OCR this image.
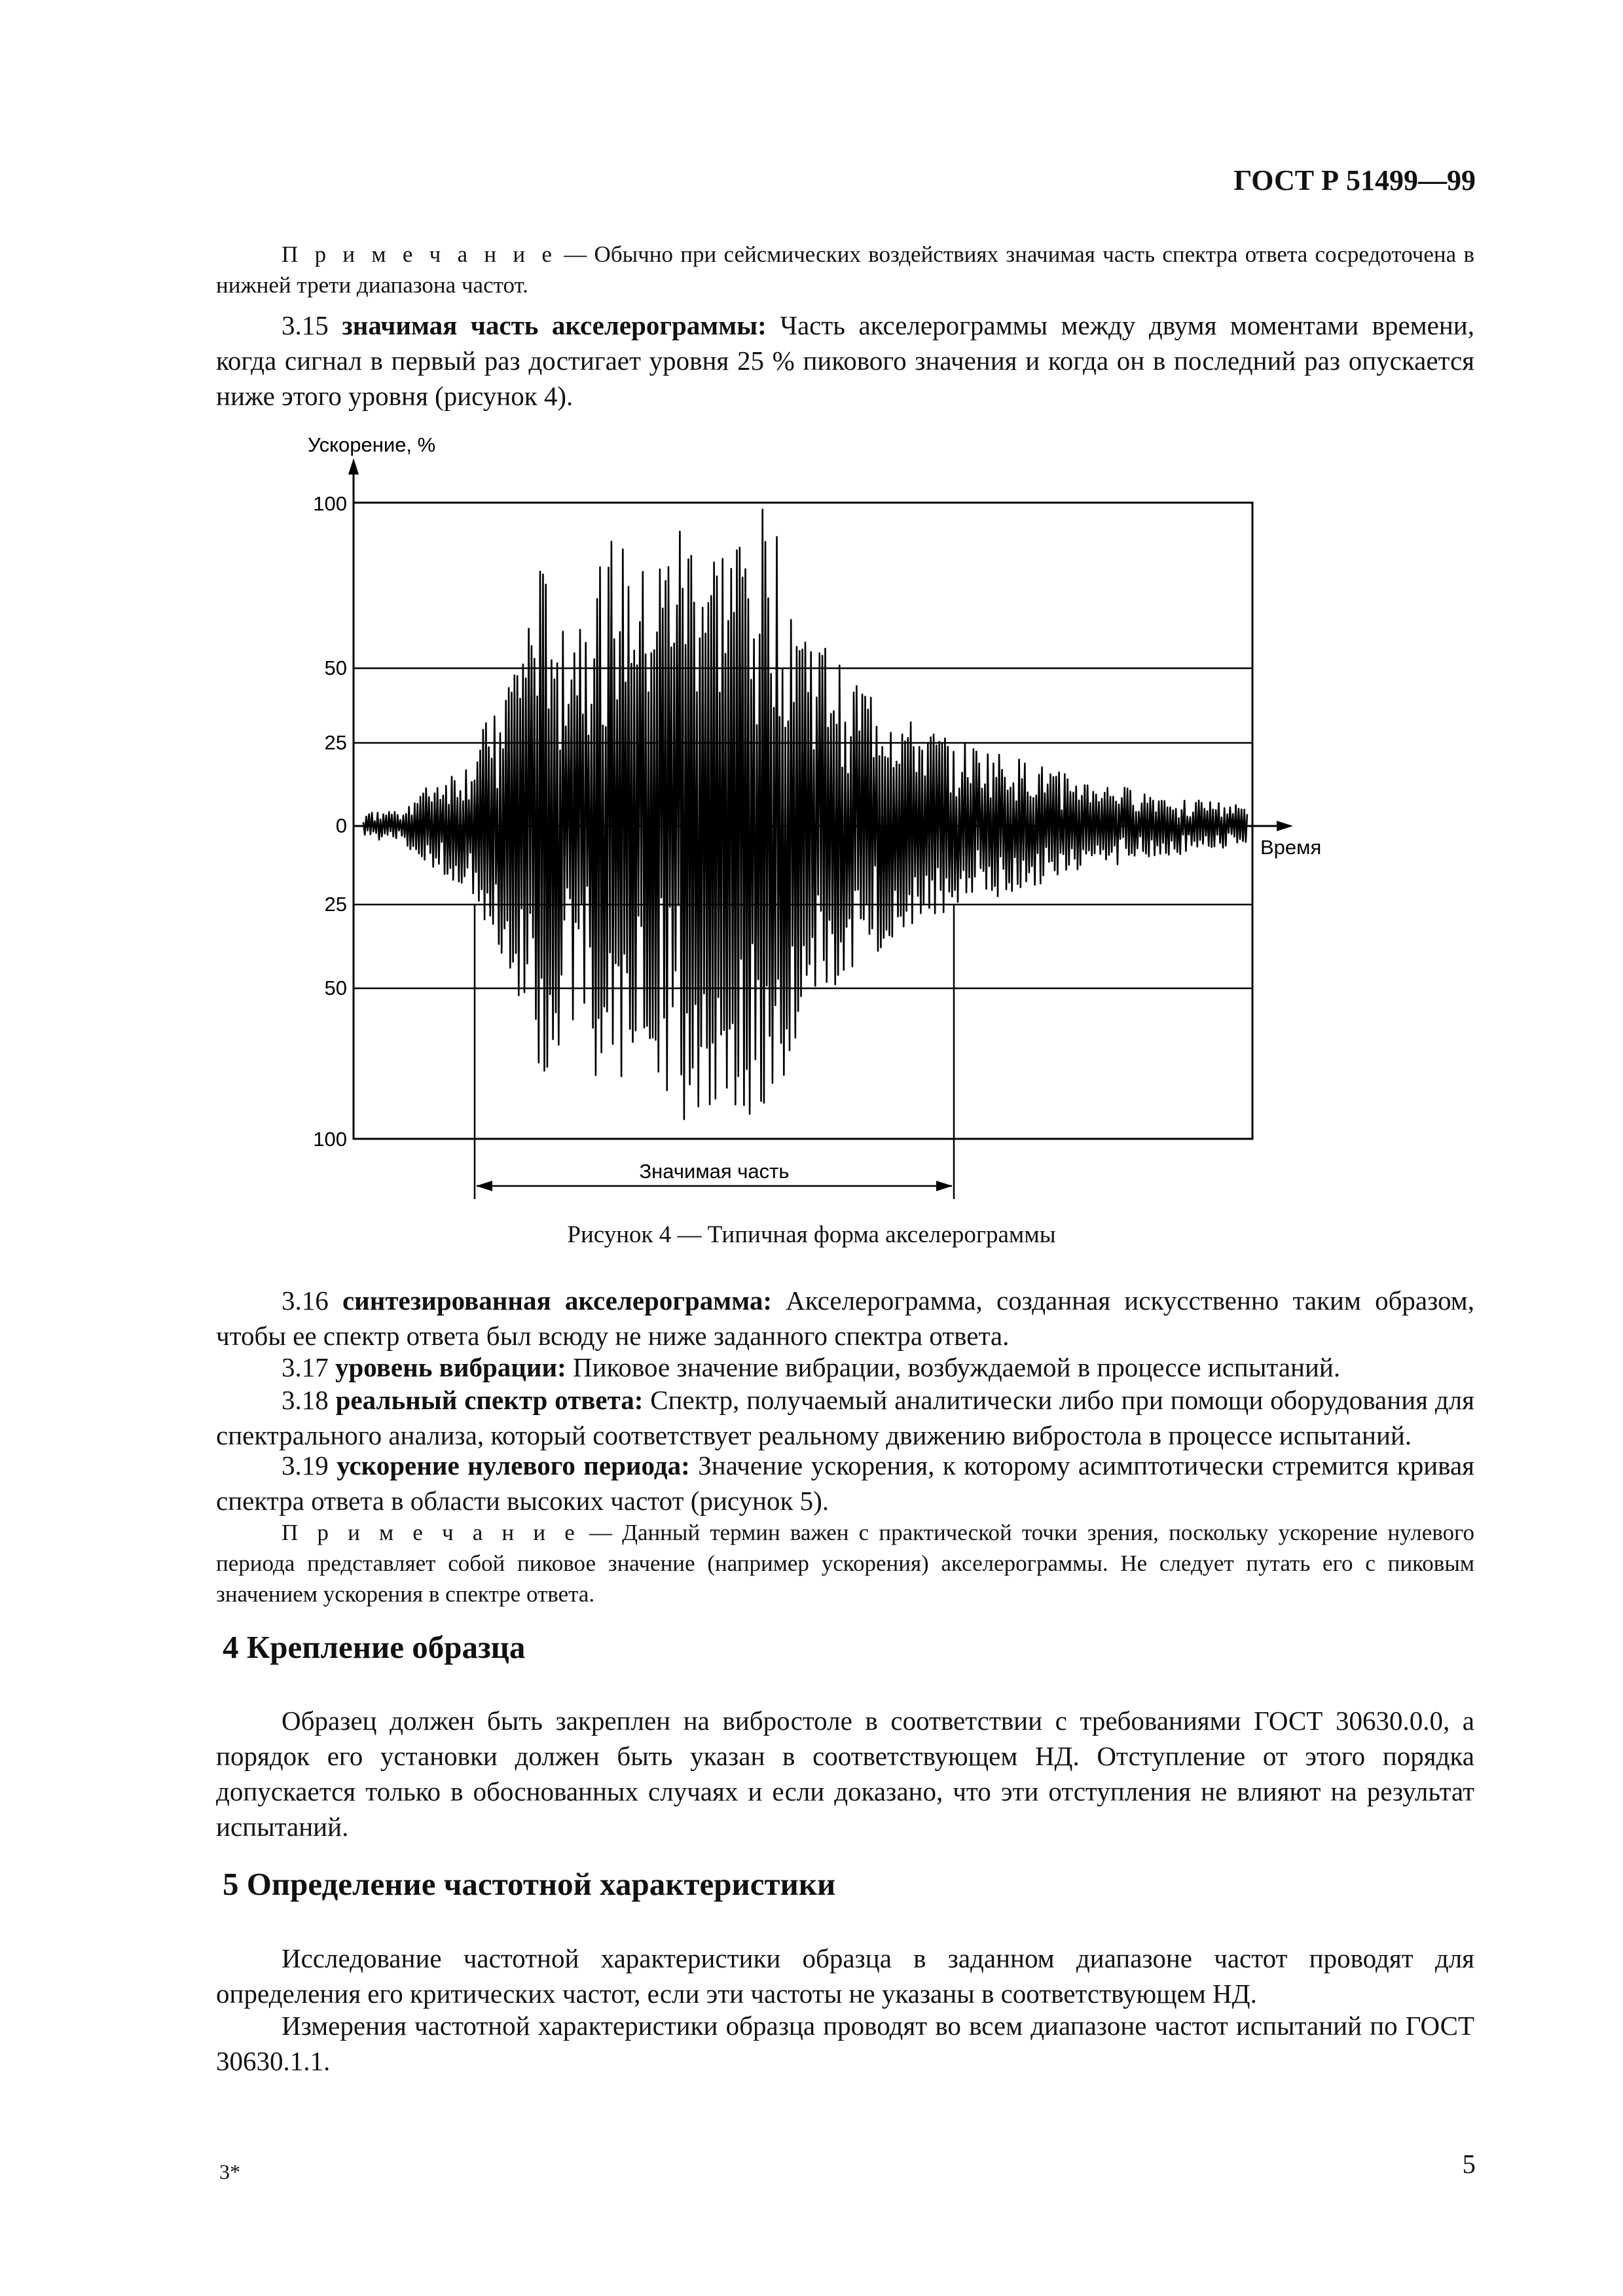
ГОСТ Р 51499—99

П р и м е ч а н и е — Обычно при сейсмических воздействиях значимая часть спектра ответа сосредоточена в нижней трети диапазона частот.

3.15 значимая часть акселерограммы: Часть акселерограммы между двумя моментами времени, когда сигнал в первый раз достигает уровня 25 % пикового значения и когда он в последний раз опускается ниже этого уровня (рисунок 4).

Ускорение, %
Время
100
50
25
0
25
50
100
Значимая часть
Рисунок 4 — Типичная форма акселерограммы

3.16 синтезированная акселерограмма: Акселерограмма, созданная искусственно таким образом, чтобы ее спектр ответа был всюду не ниже заданного спектра ответа.

3.17 уровень вибрации: Пиковое значение вибрации, возбуждаемой в процессе испытаний.

3.18 реальный спектр ответа: Спектр, получаемый аналитически либо при помощи оборудования для спектрального анализа, который соответствует реальному движению вибростола в процессе испытаний.

3.19 ускорение нулевого периода: Значение ускорения, к которому асимптотически стремится кривая спектра ответа в области высоких частот (рисунок 5).

П р и м е ч а н и е — Данный термин важен с практической точки зрения, поскольку ускорение нулевого периода представляет собой пиковое значение (например ускорения) акселерограммы. Не следует путать его с пиковым значением ускорения в спектре ответа.

4 Крепление образца

Образец должен быть закреплен на вибростоле в соответствии с требованиями ГОСТ 30630.0.0, а порядок его установки должен быть указан в соответствующем НД. Отступление от этого порядка допускается только в обоснованных случаях и если доказано, что эти отступления не влияют на результат испытаний.

5 Определение частотной характеристики

Исследование частотной характеристики образца в заданном диапазоне частот проводят для определения его критических частот, если эти частоты не указаны в соответствующем НД.

Измерения частотной характеристики образца проводят во всем диапазоне частот испытаний по ГОСТ 30630.1.1.

3*	5
